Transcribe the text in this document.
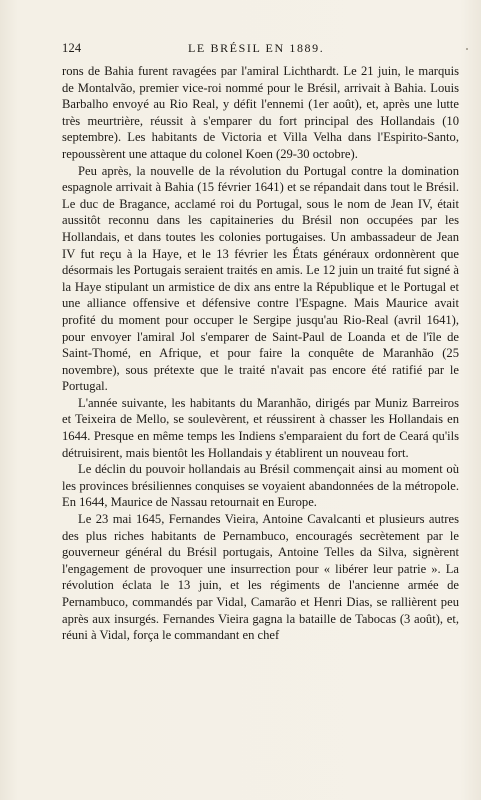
124	LE BRÉSIL EN 1889.

rons de Bahia furent ravagées par l'amiral Lichthardt. Le 21 juin, le marquis de Montalvão, premier vice-roi nommé pour le Brésil, arrivait à Bahia. Louis Barbalho envoyé au Rio Real, y défit l'ennemi (1er août), et, après une lutte très meurtrière, réussit à s'emparer du fort principal des Hollandais (10 septembre). Les habitants de Victoria et Villa Velha dans l'Espirito-Santo, repoussèrent une attaque du colonel Koen (29-30 octobre).

Peu après, la nouvelle de la révolution du Portugal contre la domination espagnole arrivait à Bahia (15 février 1641) et se répandait dans tout le Brésil. Le duc de Bragance, acclamé roi du Portugal, sous le nom de Jean IV, était aussitôt reconnu dans les capitaineries du Brésil non occupées par les Hollandais, et dans toutes les colonies portugaises. Un ambassadeur de Jean IV fut reçu à la Haye, et le 13 février les États généraux ordonnèrent que désormais les Portugais seraient traités en amis. Le 12 juin un traité fut signé à la Haye stipulant un armistice de dix ans entre la République et le Portugal et une alliance offensive et défensive contre l'Espagne. Mais Maurice avait profité du moment pour occuper le Sergipe jusqu'au Rio-Real (avril 1641), pour envoyer l'amiral Jol s'emparer de Saint-Paul de Loanda et de l'île de Saint-Thomé, en Afrique, et pour faire la conquête de Maranhão (25 novembre), sous prétexte que le traité n'avait pas encore été ratifié par le Portugal.

L'année suivante, les habitants du Maranhão, dirigés par Muniz Barreiros et Teixeira de Mello, se soulevèrent, et réussirent à chasser les Hollandais en 1644. Presque en même temps les Indiens s'emparaient du fort de Ceará qu'ils détruisirent, mais bientôt les Hollandais y établirent un nouveau fort.

Le déclin du pouvoir hollandais au Brésil commençait ainsi au moment où les provinces brésiliennes conquises se voyaient abandonnées de la métropole. En 1644, Maurice de Nassau retournait en Europe.

Le 23 mai 1645, Fernandes Vieira, Antoine Cavalcanti et plusieurs autres des plus riches habitants de Pernambuco, encouragés secrètement par le gouverneur général du Brésil portugais, Antoine Telles da Silva, signèrent l'engagement de provoquer une insurrection pour « libérer leur patrie ». La révolution éclata le 13 juin, et les régiments de l'ancienne armée de Pernambuco, commandés par Vidal, Camarão et Henri Dias, se rallièrent peu après aux insurgés. Fernandes Vieira gagna la bataille de Tabocas (3 août), et, réuni à Vidal, força le commandant en chef
